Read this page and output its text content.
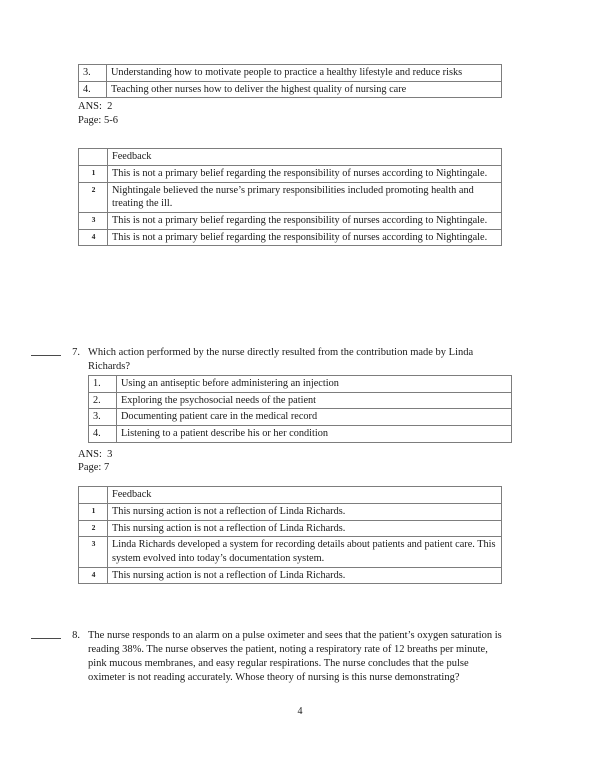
3.	Understanding how to motivate people to practice a healthy lifestyle and reduce risks
4.	Teaching other nurses how to deliver the highest quality of nursing care
ANS:  2
Page: 5-6
	Feedback
1	This is not a primary belief regarding the responsibility of nurses according to Nightingale.
2	Nightingale believed the nurse’s primary responsibilities included promoting health and treating the ill.
3	This is not a primary belief regarding the responsibility of nurses according to Nightingale.
4	This is not a primary belief regarding the responsibility of nurses according to Nightingale.
7. Which action performed by the nurse directly resulted from the contribution made by Linda Richards?

1.	Using an antiseptic before administering an injection
2.	Exploring the psychosocial needs of the patient
3.	Documenting patient care in the medical record
4.	Listening to a patient describe his or her condition
ANS:  3
Page: 7
	Feedback
1	This nursing action is not a reflection of Linda Richards.
2	This nursing action is not a reflection of Linda Richards.
3	Linda Richards developed a system for recording details about patients and patient care. This system evolved into today’s documentation system.
4	This nursing action is not a reflection of Linda Richards.
8. The nurse responds to an alarm on a pulse oximeter and sees that the patient’s oxygen saturation is reading 38%. The nurse observes the patient, noting a respiratory rate of 12 breaths per minute, pink mucous membranes, and easy regular respirations. The nurse concludes that the pulse oximeter is not reading accurately. Whose theory of nursing is this nurse demonstrating?

4
